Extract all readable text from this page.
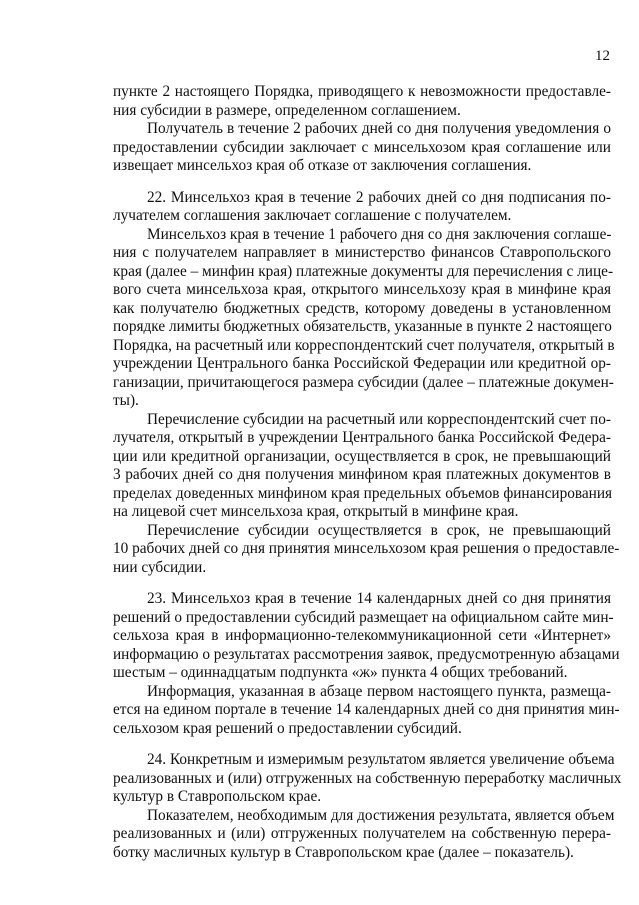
12
пункте 2 настоящего Порядка, приводящего к невозможности предоставле-
ния субсидии в размере, определенном соглашением.
Получатель в течение 2 рабочих дней со дня получения уведомления о
предоставлении субсидии заключает с минсельхозом края соглашение или
извещает минсельхоз края об отказе от заключения соглашения.
22. Минсельхоз края в течение 2 рабочих дней со дня подписания по-
лучателем соглашения заключает соглашение с получателем.
Минсельхоз края в течение 1 рабочего дня со дня заключения соглаше-
ния с получателем направляет в министерство финансов Ставропольского
края (далее – минфин края) платежные документы для перечисления с лице-
вого счета минсельхоза края, открытого минсельхозу края в минфине края
как получателю бюджетных средств, которому доведены в установленном
порядке лимиты бюджетных обязательств, указанные в пункте 2 настоящего
Порядка, на расчетный или корреспондентский счет получателя, открытый в
учреждении Центрального банка Российской Федерации или кредитной ор-
ганизации, причитающегося размера субсидии (далее – платежные докумен-
ты).
Перечисление субсидии на расчетный или корреспондентский счет по-
лучателя, открытый в учреждении Центрального банка Российской Федера-
ции или кредитной организации, осуществляется в срок, не превышающий
3 рабочих дней со дня получения минфином края платежных документов в
пределах доведенных минфином края предельных объемов финансирования
на лицевой счет минсельхоза края, открытый в минфине края.
Перечисление субсидии осуществляется в срок, не превышающий
10 рабочих дней со дня принятия минсельхозом края решения о предоставле-
нии субсидии.
23. Минсельхоз края в течение 14 календарных дней со дня принятия
решений о предоставлении субсидий размещает на официальном сайте мин-
сельхоза края в информационно-телекоммуникационной сети «Интернет»
информацию о результатах рассмотрения заявок, предусмотренную абзацами
шестым – одиннадцатым подпункта «ж» пункта 4 общих требований.
Информация, указанная в абзаце первом настоящего пункта, размеща-
ется на едином портале в течение 14 календарных дней со дня принятия мин-
сельхозом края решений о предоставлении субсидий.
24. Конкретным и измеримым результатом является увеличение объема
реализованных и (или) отгруженных на собственную переработку масличных
культур в Ставропольском крае.
Показателем, необходимым для достижения результата, является объем
реализованных и (или) отгруженных получателем на собственную перера-
ботку масличных культур в Ставропольском крае (далее – показатель).
